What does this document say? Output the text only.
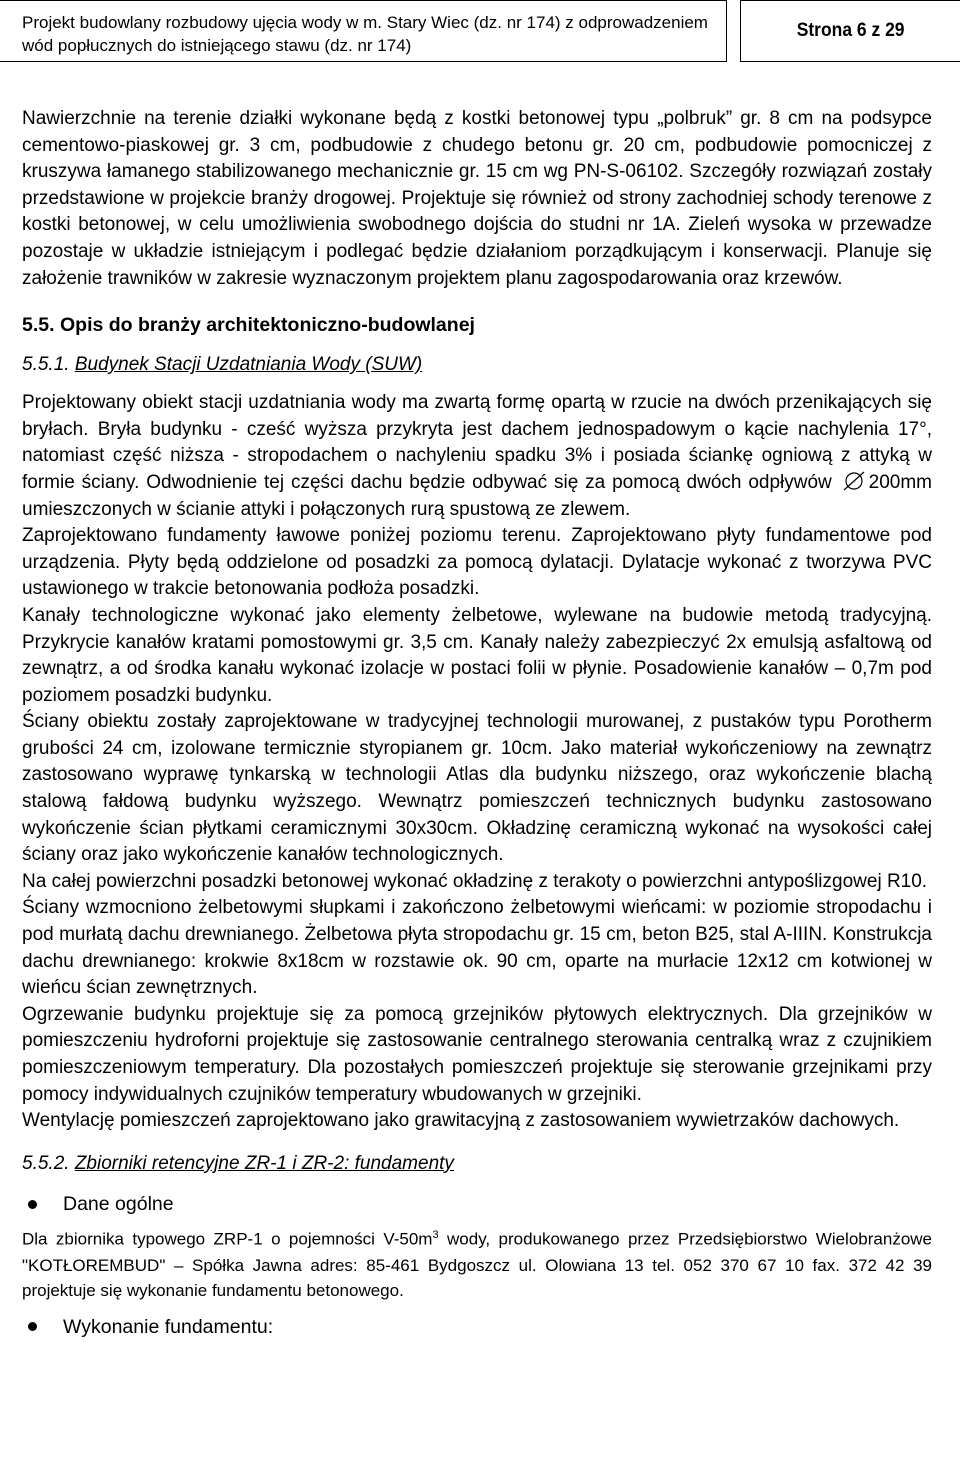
Projekt budowlany rozbudowy ujęcia wody w m. Stary Wiec (dz. nr 174) z odprowadzeniem
wód popłucznych do istniejącego stawu (dz. nr 174)
Strona 6 z 29

Nawierzchnie na terenie działki wykonane będą z kostki betonowej typu „polbruk” gr. 8 cm na podsypce cementowo-piaskowej gr. 3 cm, podbudowie z chudego betonu gr. 20 cm, podbudowie pomocniczej z kruszywa łamanego stabilizowanego mechanicznie gr. 15 cm wg PN-S-06102. Szczegóły rozwiązań zostały przedstawione w projekcie branży drogowej. Projektuje się również od strony zachodniej schody terenowe z kostki betonowej, w celu umożliwienia swobodnego dojścia do studni nr 1A. Zieleń wysoka w przewadze pozostaje w układzie istniejącym i podlegać będzie działaniom porządkującym i konserwacji. Planuje się założenie trawników w zakresie wyznaczonym projektem planu zagospodarowania oraz krzewów.

5.5. Opis do branży architektoniczno-budowlanej
5.5.1. Budynek Stacji Uzdatniania Wody (SUW)

Projektowany obiekt stacji uzdatniania wody ma zwartą formę opartą w rzucie na dwóch przenikających się bryłach. Bryła budynku - cześć wyższa przykryta jest dachem jednospadowym o kącie nachylenia 17°, natomiast część niższa - stropodachem o nachyleniu spadku 3% i posiada ściankę ogniową z attyką w formie ściany. Odwodnienie tej części dachu będzie odbywać się za pomocą dwóch odpływów 200mm umieszczonych w ścianie attyki i połączonych rurą spustową ze zlewem.

Zaprojektowano fundamenty ławowe poniżej poziomu terenu. Zaprojektowano płyty fundamentowe pod urządzenia. Płyty będą oddzielone od posadzki za pomocą dylatacji. Dylatacje wykonać z tworzywa PVC ustawionego w trakcie betonowania podłoża posadzki.

Kanały technologiczne wykonać jako elementy żelbetowe, wylewane na budowie metodą tradycyjną. Przykrycie kanałów kratami pomostowymi gr. 3,5 cm. Kanały należy zabezpieczyć 2x emulsją asfaltową od zewnątrz, a od środka kanału wykonać izolacje w postaci folii w płynie. Posadowienie kanałów – 0,7m pod poziomem posadzki budynku.

Ściany obiektu zostały zaprojektowane w tradycyjnej technologii murowanej, z pustaków typu Porotherm grubości 24 cm, izolowane termicznie styropianem gr. 10cm. Jako materiał wykończeniowy na zewnątrz zastosowano wyprawę tynkarską w technologii Atlas dla budynku niższego, oraz wykończenie blachą stalową fałdową budynku wyższego. Wewnątrz pomieszczeń technicznych budynku zastosowano wykończenie ścian płytkami ceramicznymi 30x30cm. Okładzinę ceramiczną wykonać na wysokości całej ściany oraz jako wykończenie kanałów technologicznych.

Na całej powierzchni posadzki betonowej wykonać okładzinę z terakoty o powierzchni antypoślizgowej R10.

Ściany wzmocniono żelbetowymi słupkami i zakończono żelbetowymi wieńcami: w poziomie stropodachu i pod murłatą dachu drewnianego. Żelbetowa płyta stropodachu gr. 15 cm, beton B25, stal A-IIIN. Konstrukcja dachu drewnianego: krokwie 8x18cm w rozstawie ok. 90 cm, oparte na murłacie 12x12 cm kotwionej w wieńcu ścian zewnętrznych.

Ogrzewanie budynku projektuje się za pomocą grzejników płytowych elektrycznych. Dla grzejników w pomieszczeniu hydroforni projektuje się zastosowanie centralnego sterowania centralką wraz z czujnikiem pomieszczeniowym temperatury. Dla pozostałych pomieszczeń projektuje się sterowanie grzejnikami przy pomocy indywidualnych czujników temperatury wbudowanych w grzejniki.

Wentylację pomieszczeń zaprojektowano jako grawitacyjną z zastosowaniem wywietrzaków dachowych.

5.5.2. Zbiorniki retencyjne ZR-1 i ZR-2: fundamenty
Dane ogólne

Dla zbiornika typowego ZRP-1 o pojemności $V-50m^3$ wody, produkowanego przez Przedsiębiorstwo Wielobranżowe "KOTŁOREMBUD" – Spółka Jawna adres: 85-461 Bydgoszcz ul. Olowiana 13 tel. 052 370 67 10 fax. 372 42 39 projektuje się wykonanie fundamentu betonowego.

Wykonanie fundamentu:
